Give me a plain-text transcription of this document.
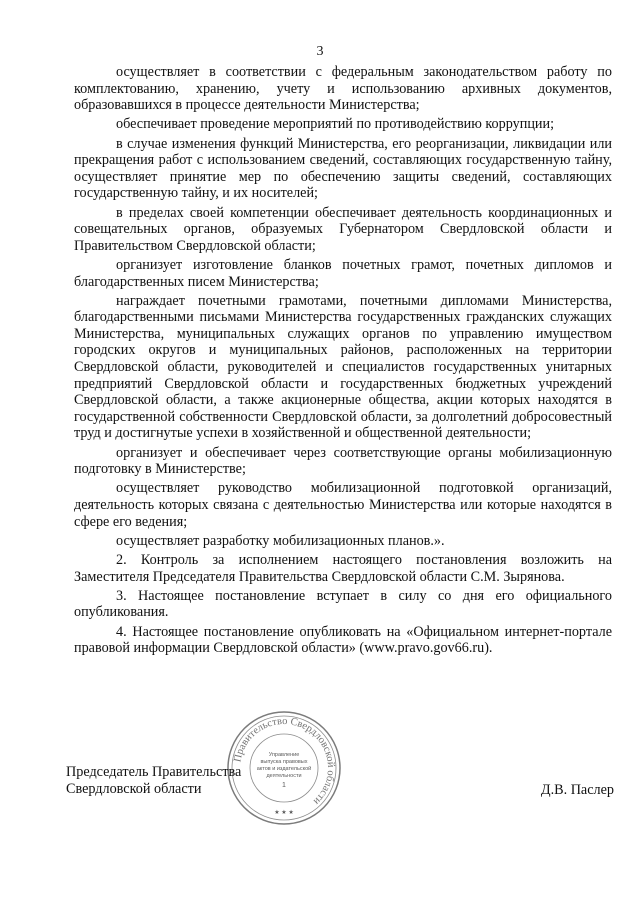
3

осуществляет в соответствии с федеральным законодательством работу по комплектованию, хранению, учету и использованию архивных документов, образовавшихся в процессе деятельности Министерства;

обеспечивает проведение мероприятий по противодействию коррупции;

в случае изменения функций Министерства, его реорганизации, ликвидации или прекращения работ с использованием сведений, составляющих государственную тайну, осуществляет принятие мер по обеспечению защиты сведений, составляющих государственную тайну, и их носителей;

в пределах своей компетенции обеспечивает деятельность координационных и совещательных органов, образуемых Губернатором Свердловской области и Правительством Свердловской области;

организует изготовление бланков почетных грамот, почетных дипломов и благодарственных писем Министерства;

награждает почетными грамотами, почетными дипломами Министерства, благодарственными письмами Министерства государственных гражданских служащих Министерства, муниципальных служащих органов по управлению имуществом городских округов и муниципальных районов, расположенных на территории Свердловской области, руководителей и специалистов государственных унитарных предприятий Свердловской области и государственных бюджетных учреждений Свердловской области, а также акционерные общества, акции которых находятся в государственной собственности Свердловской области, за долголетний добросовестный труд и достигнутые успехи в хозяйственной и общественной деятельности;

организует и обеспечивает через соответствующие органы мобилизационную подготовку в Министерстве;

осуществляет руководство мобилизационной подготовкой организаций, деятельность которых связана с деятельностью Министерства или которые находятся в сфере его ведения;

осуществляет разработку мобилизационных планов.».

2. Контроль за исполнением настоящего постановления возложить на Заместителя Председателя Правительства Свердловской области С.М. Зырянова.

3. Настоящее постановление вступает в силу со дня его официального опубликования.

4. Настоящее постановление опубликовать на «Официальном интернет-портале правовой информации Свердловской области» (www.pravo.gov66.ru).

Правительство Свердловской области
Управление
выпуска правовых
актов и издательской
деятельности
1
★ ★ ★
Председатель Правительства
Свердловской области	Д.В. Паслер
